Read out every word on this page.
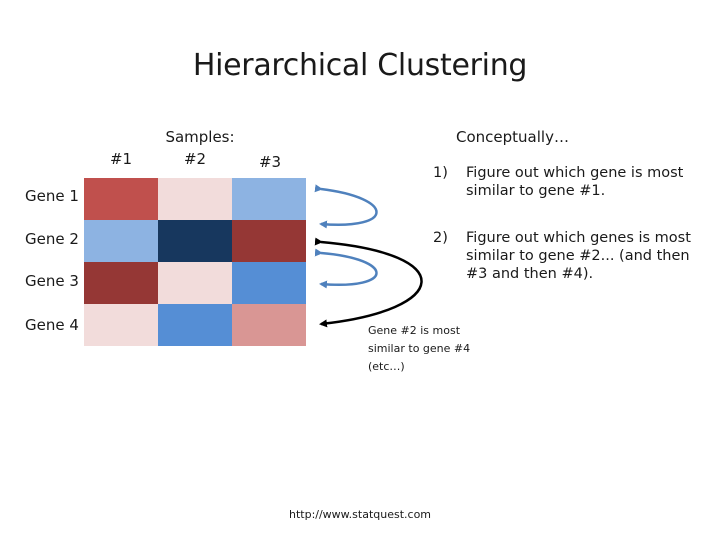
Hierarchical Clustering
Samples:
#1	#2	#3
Gene 1
Gene 2
Gene 3
Gene 4
Conceptually…
1) Figure out which gene is most similar to gene #1.
2) Figure out which genes is most similar to gene #2... (and then #3 and then #4).
Gene #2 is most similar to gene #4 (etc…)
http://www.statquest.com
